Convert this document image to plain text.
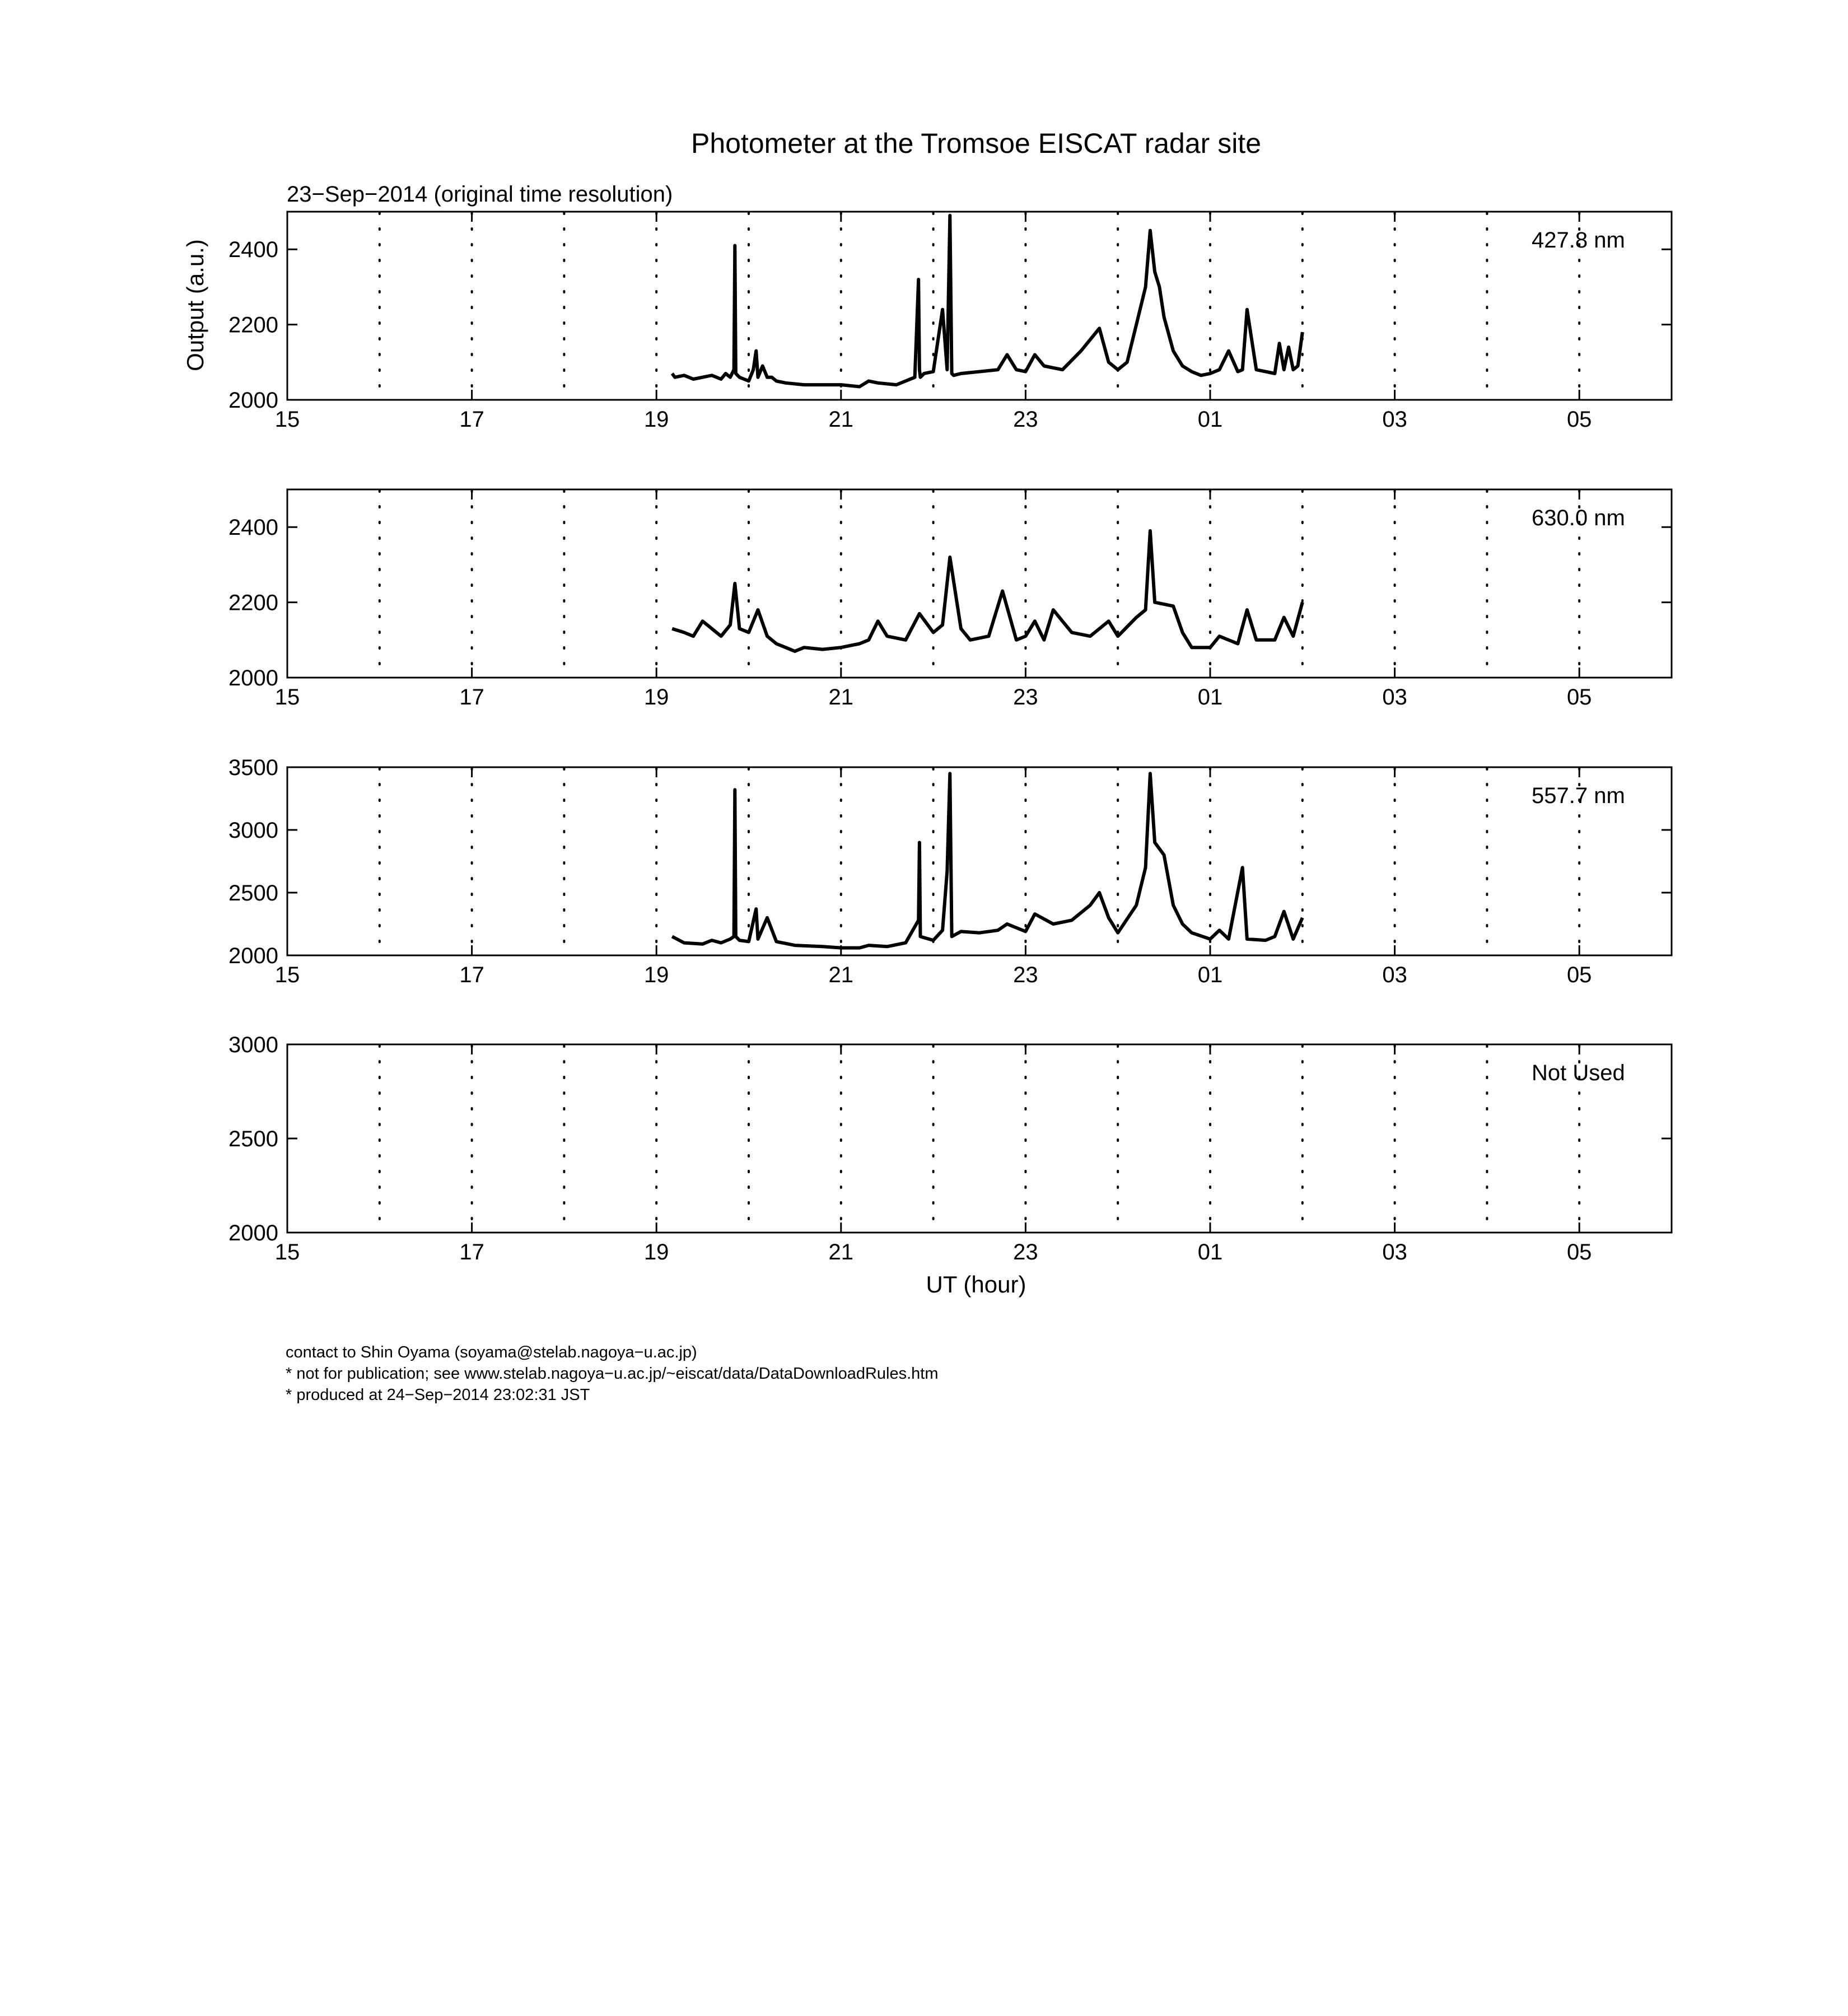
Photometer at the Tromsoe EISCAT radar site
23−Sep−2014 (original time resolution)
Output (a.u.)
UT (hour)
15	17	19	21	23	01	03	05
2000
2200
2400	427.8 nm
15	17	19	21	23	01	03	05
2000
2200
2400	630.0 nm
15	17	19	21	23	01	03	05
2000
2500
3000
3500
557.7 nm
15	17	19	21	23	01	03	05
2000
2500
3000
Not Used
contact to Shin Oyama (soyama@stelab.nagoya−u.ac.jp)
* not for publication; see www.stelab.nagoya−u.ac.jp/~eiscat/data/DataDownloadRules.htm
* produced at 24−Sep−2014 23:02:31 JST
